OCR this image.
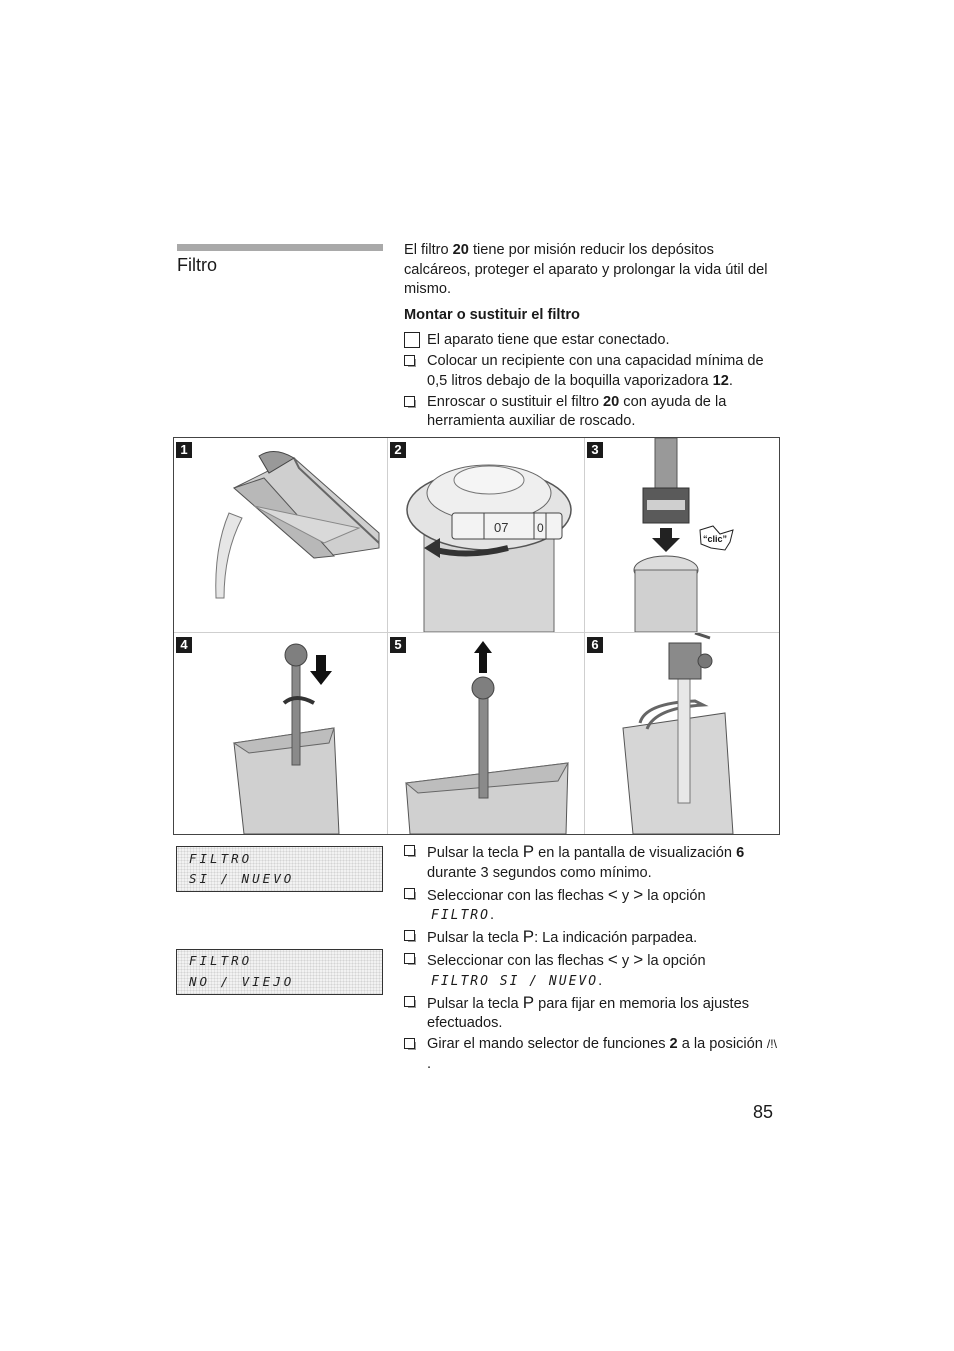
Filtro
El filtro 20 tiene por misión reducir los depósitos calcáreos, proteger el aparato y prolongar la vida útil del mismo.
Montar o sustituir el filtro
El aparato tiene que estar conectado.
Colocar un recipiente con una capacidad mínima de 0,5 litros debajo de la boquilla vaporizadora 12.
Enroscar o sustituir el filtro 20 con ayuda de la herramienta auxiliar de roscado.
1	2
07 0
3
“clic”
4	5	6
FILTRO
SI / NUEVO
FILTRO
NO / VIEJO
Pulsar la tecla P en la pantalla de visualización 6 durante 3 segundos como mínimo.
Seleccionar con las flechas < y > la opción
FILTRO.
Pulsar la tecla P: La indicación parpadea.
Seleccionar con las flechas < y > la opción
FILTRO SI / NUEVO.
Pulsar la tecla P para fijar en memoria los ajustes efectuados.
Girar el mando selector de funciones 2 a la posición /!\ .
85
